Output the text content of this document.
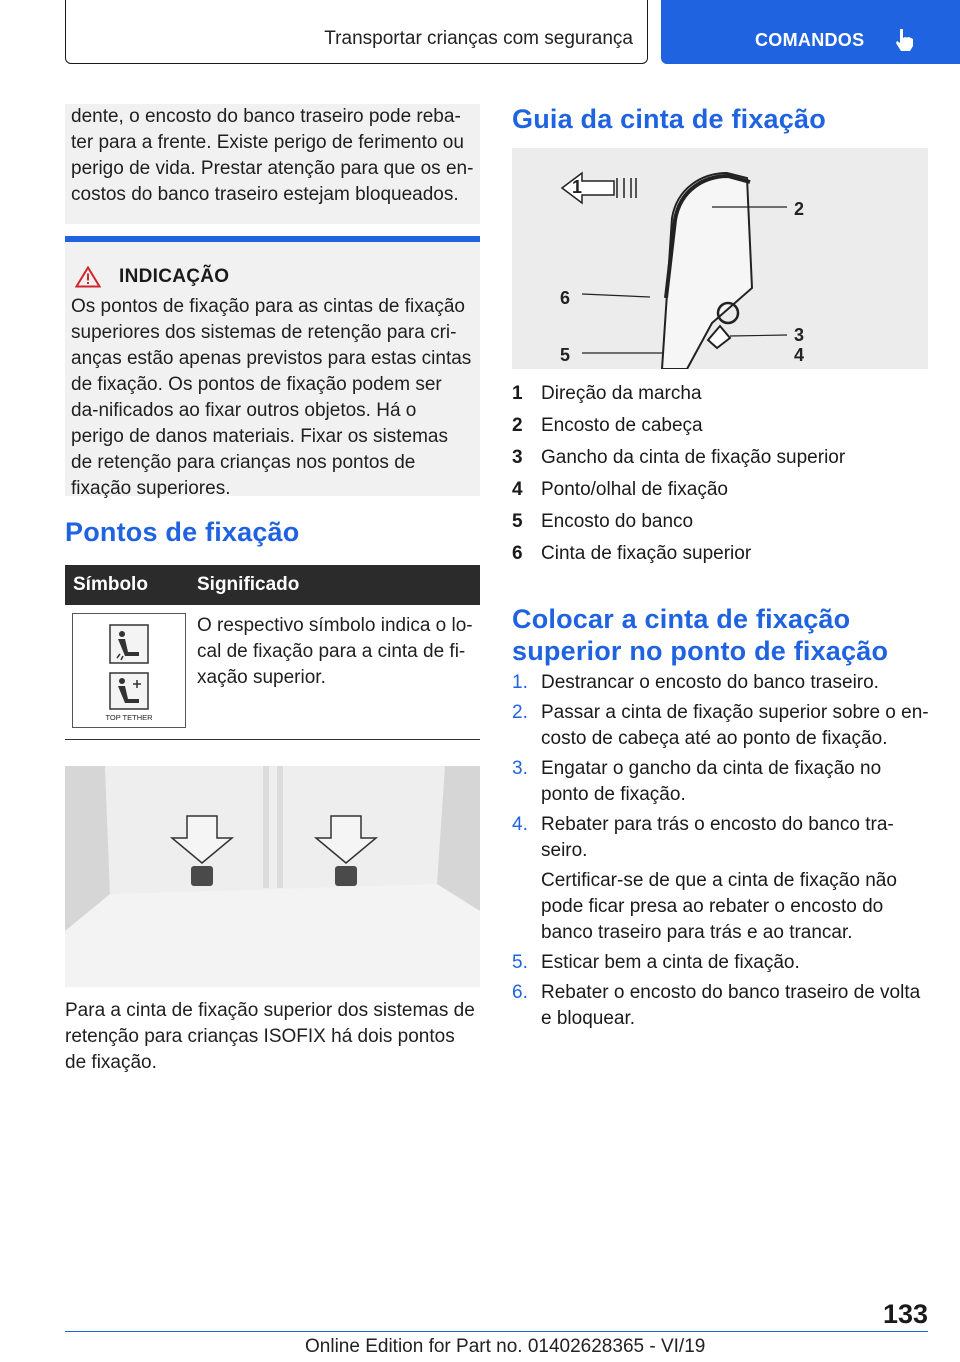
Transportar crianças com segurança	COMANDOS
dente, o encosto do banco traseiro pode reba-ter para a frente. Existe perigo de ferimento ou perigo de vida. Prestar atenção para que os en-costos do banco traseiro estejam bloqueados.
INDICAÇÃO
Os pontos de fixação para as cintas de fixação superiores dos sistemas de retenção para cri-anças estão apenas previstos para estas cintas de fixação. Os pontos de fixação podem ser da-nificados ao fixar outros objetos. Há o perigo de danos materiais. Fixar os sistemas de retenção para crianças nos pontos de fixação superiores.
Pontos de fixação
Símbolo	Significado
TOP TETHER
O respectivo símbolo indica o lo-cal de fixação para a cinta de fi-xação superior.
Para a cinta de fixação superior dos sistemas de retenção para crianças ISOFIX há dois pontos de fixação.
Guia da cinta de fixação
1
2
3
4
5
6
1 Direção da marcha
2 Encosto de cabeça
3 Gancho da cinta de fixação superior
4 Ponto/olhal de fixação
5 Encosto do banco
6 Cinta de fixação superior
Colocar a cinta de fixação
superior no ponto de fixação
1. Destrancar o encosto do banco traseiro.
2. Passar a cinta de fixação superior sobre o en-costo de cabeça até ao ponto de fixação.
3. Engatar o gancho da cinta de fixação no ponto de fixação.
4. Rebater para trás o encosto do banco tra-seiro.
Certificar-se de que a cinta de fixação não pode ficar presa ao rebater o encosto do banco traseiro para trás e ao trancar.
5. Esticar bem a cinta de fixação.
6. Rebater o encosto do banco traseiro de volta e bloquear.
133
Online Edition for Part no. 01402628365 - VI/19
